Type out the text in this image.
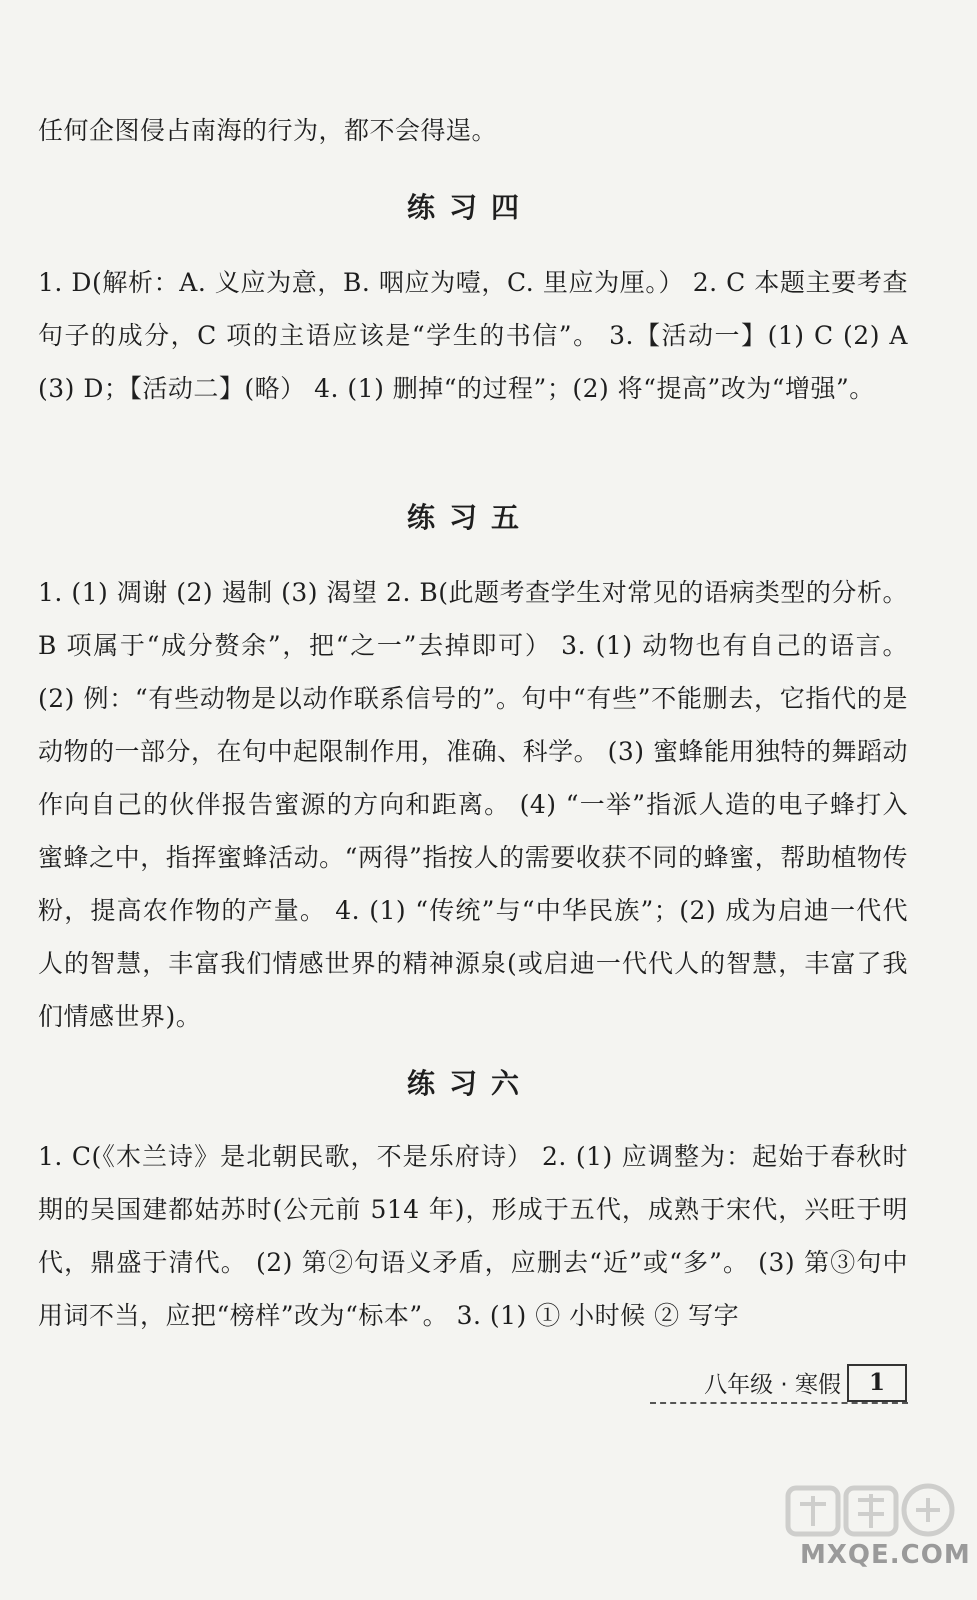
任何企图侵占南海的行为，都不会得逞。
练习四
1. D(解析：A. 义应为意，B. 咽应为噎，C. 里应为厘。） 2. C 本题主要考查句子的成分，C 项的主语应该是“学生的书信”。 3.【活动一】(1) C (2) A (3) D；【活动二】(略） 4. (1) 删掉“的过程”；(2) 将“提高”改为“增强”。
练习五
1. (1) 凋谢 (2) 遏制 (3) 渴望 2. B(此题考查学生对常见的语病类型的分析。B 项属于“成分赘余”，把“之一”去掉即可） 3. (1) 动物也有自己的语言。 (2) 例：“有些动物是以动作联系信号的”。句中“有些”不能删去，它指代的是动物的一部分，在句中起限制作用，准确、科学。 (3) 蜜蜂能用独特的舞蹈动作向自己的伙伴报告蜜源的方向和距离。 (4) “一举”指派人造的电子蜂打入蜜蜂之中，指挥蜜蜂活动。“两得”指按人的需要收获不同的蜂蜜，帮助植物传粉，提高农作物的产量。 4. (1) “传统”与“中华民族”；(2) 成为启迪一代代人的智慧，丰富我们情感世界的精神源泉(或启迪一代代人的智慧，丰富了我们情感世界)。
练习六
1. C(《木兰诗》是北朝民歌，不是乐府诗） 2. (1) 应调整为：起始于春秋时期的吴国建都姑苏时(公元前 514 年)，形成于五代，成熟于宋代，兴旺于明代，鼎盛于清代。 (2) 第②句语义矛盾，应删去“近”或“多”。 (3) 第③句中用词不当，应把“榜样”改为“标本”。 3. (1) ① 小时候 ② 写字
八年级 · 寒假	1
MXQE.COM
